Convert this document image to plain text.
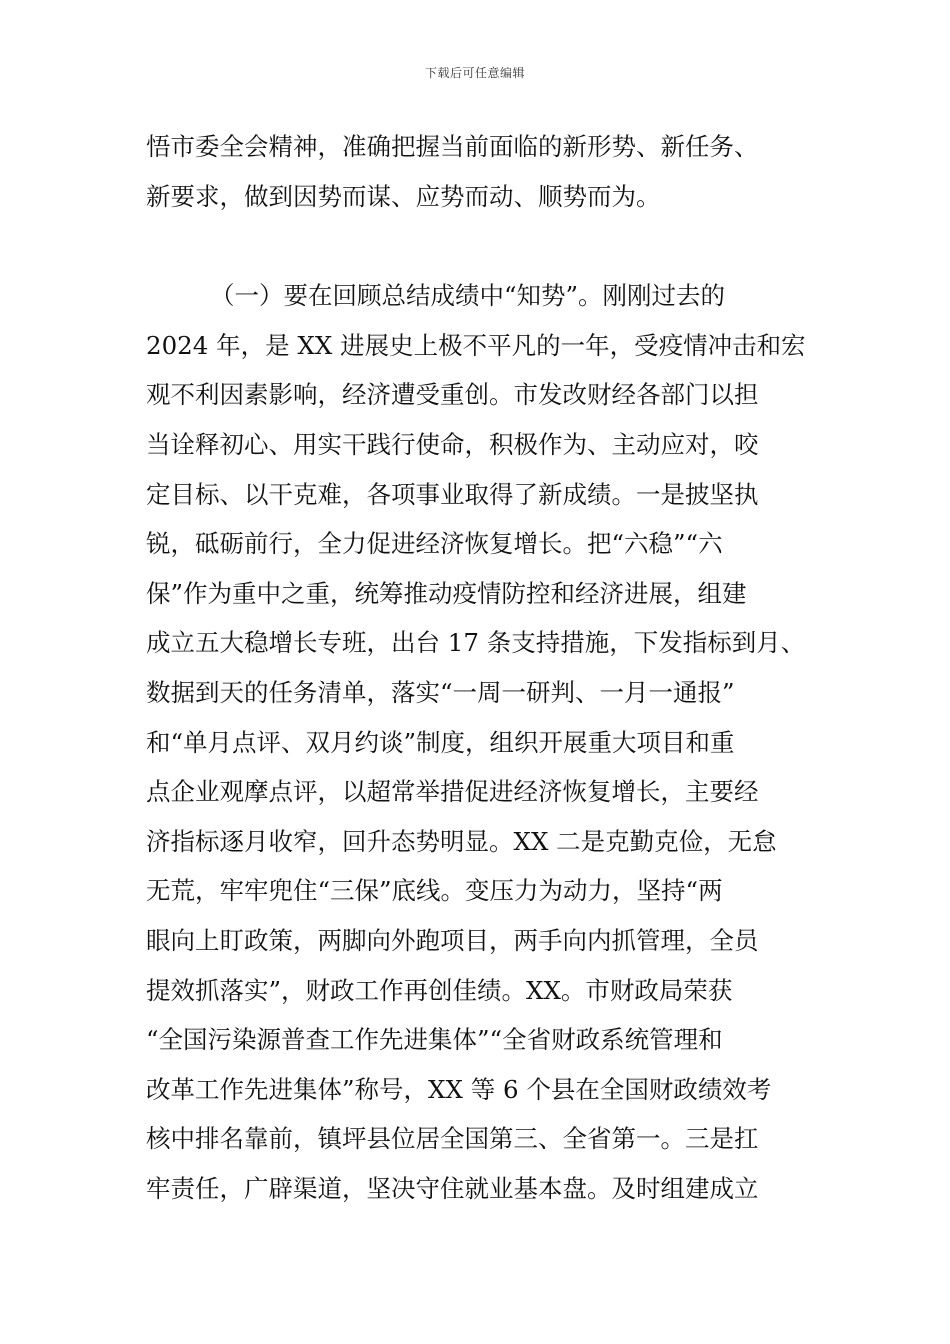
下载后可任意编辑
悟市委全会精神，准确把握当前面临的新形势、新任务、
新要求，做到因势而谋、应势而动、顺势而为。
（一）要在回顾总结成绩中“知势”。刚刚过去的
2024 年，是 XX 进展史上极不平凡的一年，受疫情冲击和宏
观不利因素影响，经济遭受重创。市发改财经各部门以担
当诠释初心、用实干践行使命，积极作为、主动应对，咬
定目标、以干克难，各项事业取得了新成绩。一是披坚执
锐，砥砺前行，全力促进经济恢复增长。把“六稳”“六
保”作为重中之重，统筹推动疫情防控和经济进展，组建
成立五大稳增长专班，出台 17 条支持措施，下发指标到月、
数据到天的任务清单，落实“一周一研判、一月一通报”
和“单月点评、双月约谈”制度，组织开展重大项目和重
点企业观摩点评，以超常举措促进经济恢复增长，主要经
济指标逐月收窄，回升态势明显。XX 二是克勤克俭，无怠
无荒，牢牢兜住“三保”底线。变压力为动力，坚持“两
眼向上盯政策，两脚向外跑项目，两手向内抓管理，全员
提效抓落实”，财政工作再创佳绩。XX。市财政局荣获
“全国污染源普查工作先进集体”“全省财政系统管理和
改革工作先进集体”称号，XX 等 6 个县在全国财政绩效考
核中排名靠前，镇坪县位居全国第三、全省第一。三是扛
牢责任，广辟渠道，坚决守住就业基本盘。及时组建成立
